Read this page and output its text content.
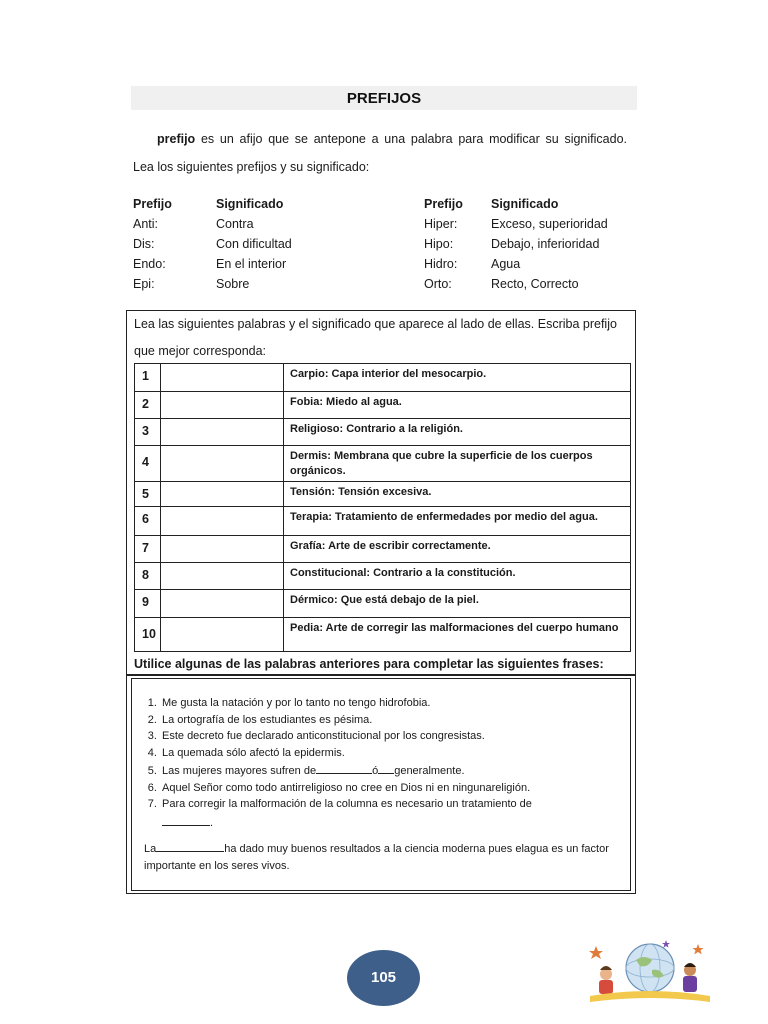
PREFIJOS
prefijo es un afijo que se antepone a una palabra para modificar su significado.
Lea los siguientes prefijos y su significado:
Prefijo	Significado
Anti:	Contra
Dis:	Con dificultad
Endo:	En el interior
Epi:	Sobre
Prefijo	Significado
Hiper:	Exceso, superioridad
Hipo:	Debajo, inferioridad
Hidro:	Agua
Orto:	Recto, Correcto
Lea las siguientes palabras y el significado que aparece al lado de ellas. Escriba prefijo que mejor corresponda:
1		Carpio: Capa interior del mesocarpio.
2		Fobia: Miedo al agua.
3		Religioso: Contrario a la religión.
4		Dermis: Membrana que cubre la superficie de los cuerpos orgánicos.
5		Tensión: Tensión excesiva.
6		Terapia: Tratamiento de enfermedades por medio del agua.
7		Grafía: Arte de escribir correctamente.
8		Constitucional: Contrario a la constitución.
9		Dérmico: Que está debajo de la piel.
10		Pedia: Arte de corregir las malformaciones del cuerpo humano
Utilice algunas de las palabras anteriores para completar las siguientes frases:
1. Me gusta la natación y por lo tanto no tengo hidrofobia.
2. La ortografía de los estudiantes es pésima.
3. Este decreto fue declarado anticonstitucional por los congresistas.
4. La quemada sólo afectó la epidermis.
5. Las mujeres mayores sufren de	ó generalmente.
6. Aquel Señor como todo antirreligioso no cree en Dios ni en ningunareligión.
7. Para corregir la malformación de la columna es necesario un tratamiento de
.
La	ha dado muy buenos resultados a la ciencia moderna pues elagua es un factor importante en los seres vivos.
105
